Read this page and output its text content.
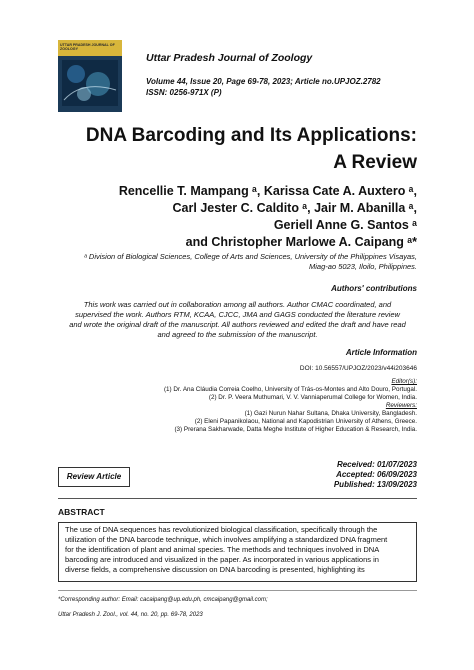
UTTAR PRADESH JOURNAL OF ZOOLOGY
Uttar Pradesh Journal of Zoology
Volume 44, Issue 20, Page 69-78, 2023; Article no.UPJOZ.2782
ISSN: 0256-971X (P)
DNA Barcoding and Its Applications:
A Review
Rencellie T. Mampang ᵃ, Karissa Cate A. Auxtero ᵃ,
Carl Jester C. Caldito ᵃ, Jair M. Abanilla ᵃ,
Geriell Anne G. Santos ᵃ
and Christopher Marlowe A. Caipang ᵃ*
ᵃ Division of Biological Sciences, College of Arts and Sciences, University of the Philippines Visayas,
Miag-ao 5023, Iloilo, Philippines.
Authors' contributions
This work was carried out in collaboration among all authors. Author CMAC coordinated, and
supervised the work. Authors RTM, KCAA, CJCC, JMA and GAGS conducted the literature review
and wrote the original draft of the manuscript. All authors reviewed and edited the draft and have read
and agreed to the submission of the manuscript.
Article Information
DOI: 10.56557/UPJOZ/2023/v44i203646
Editor(s):
(1) Dr. Ana Cláudia Correia Coelho, University of Trás-os-Montes and Alto Douro, Portugal.
(2) Dr. P. Veera Muthumari, V. V. Vanniaperumal College for Women, India.
Reviewers:
(1) Gazi Nurun Nahar Sultana, Dhaka University, Bangladesh.
(2) Eleni Papanikolaou, National and Kapodistrian University of Athens, Greece.
(3) Prerana Sakharwade, Datta Meghe Institute of Higher Education & Research, India.
Review Article
Received: 01/07/2023
Accepted: 06/09/2023
Published: 13/09/2023
ABSTRACT
The use of DNA sequences has revolutionized biological classification, specifically through the
utilization of the DNA barcode technique, which involves amplifying a standardized DNA fragment
for the identification of plant and animal species. The methods and techniques involved in DNA
barcoding are introduced and visualized in the paper. As incorporated in various applications in
diverse fields, a comprehensive discussion on DNA barcoding is presented, highlighting its
*Corresponding author: Email: cacaipang@up.edu.ph, cmcaipang@gmail.com;
Uttar Pradesh J. Zool., vol. 44, no. 20, pp. 69-78, 2023
